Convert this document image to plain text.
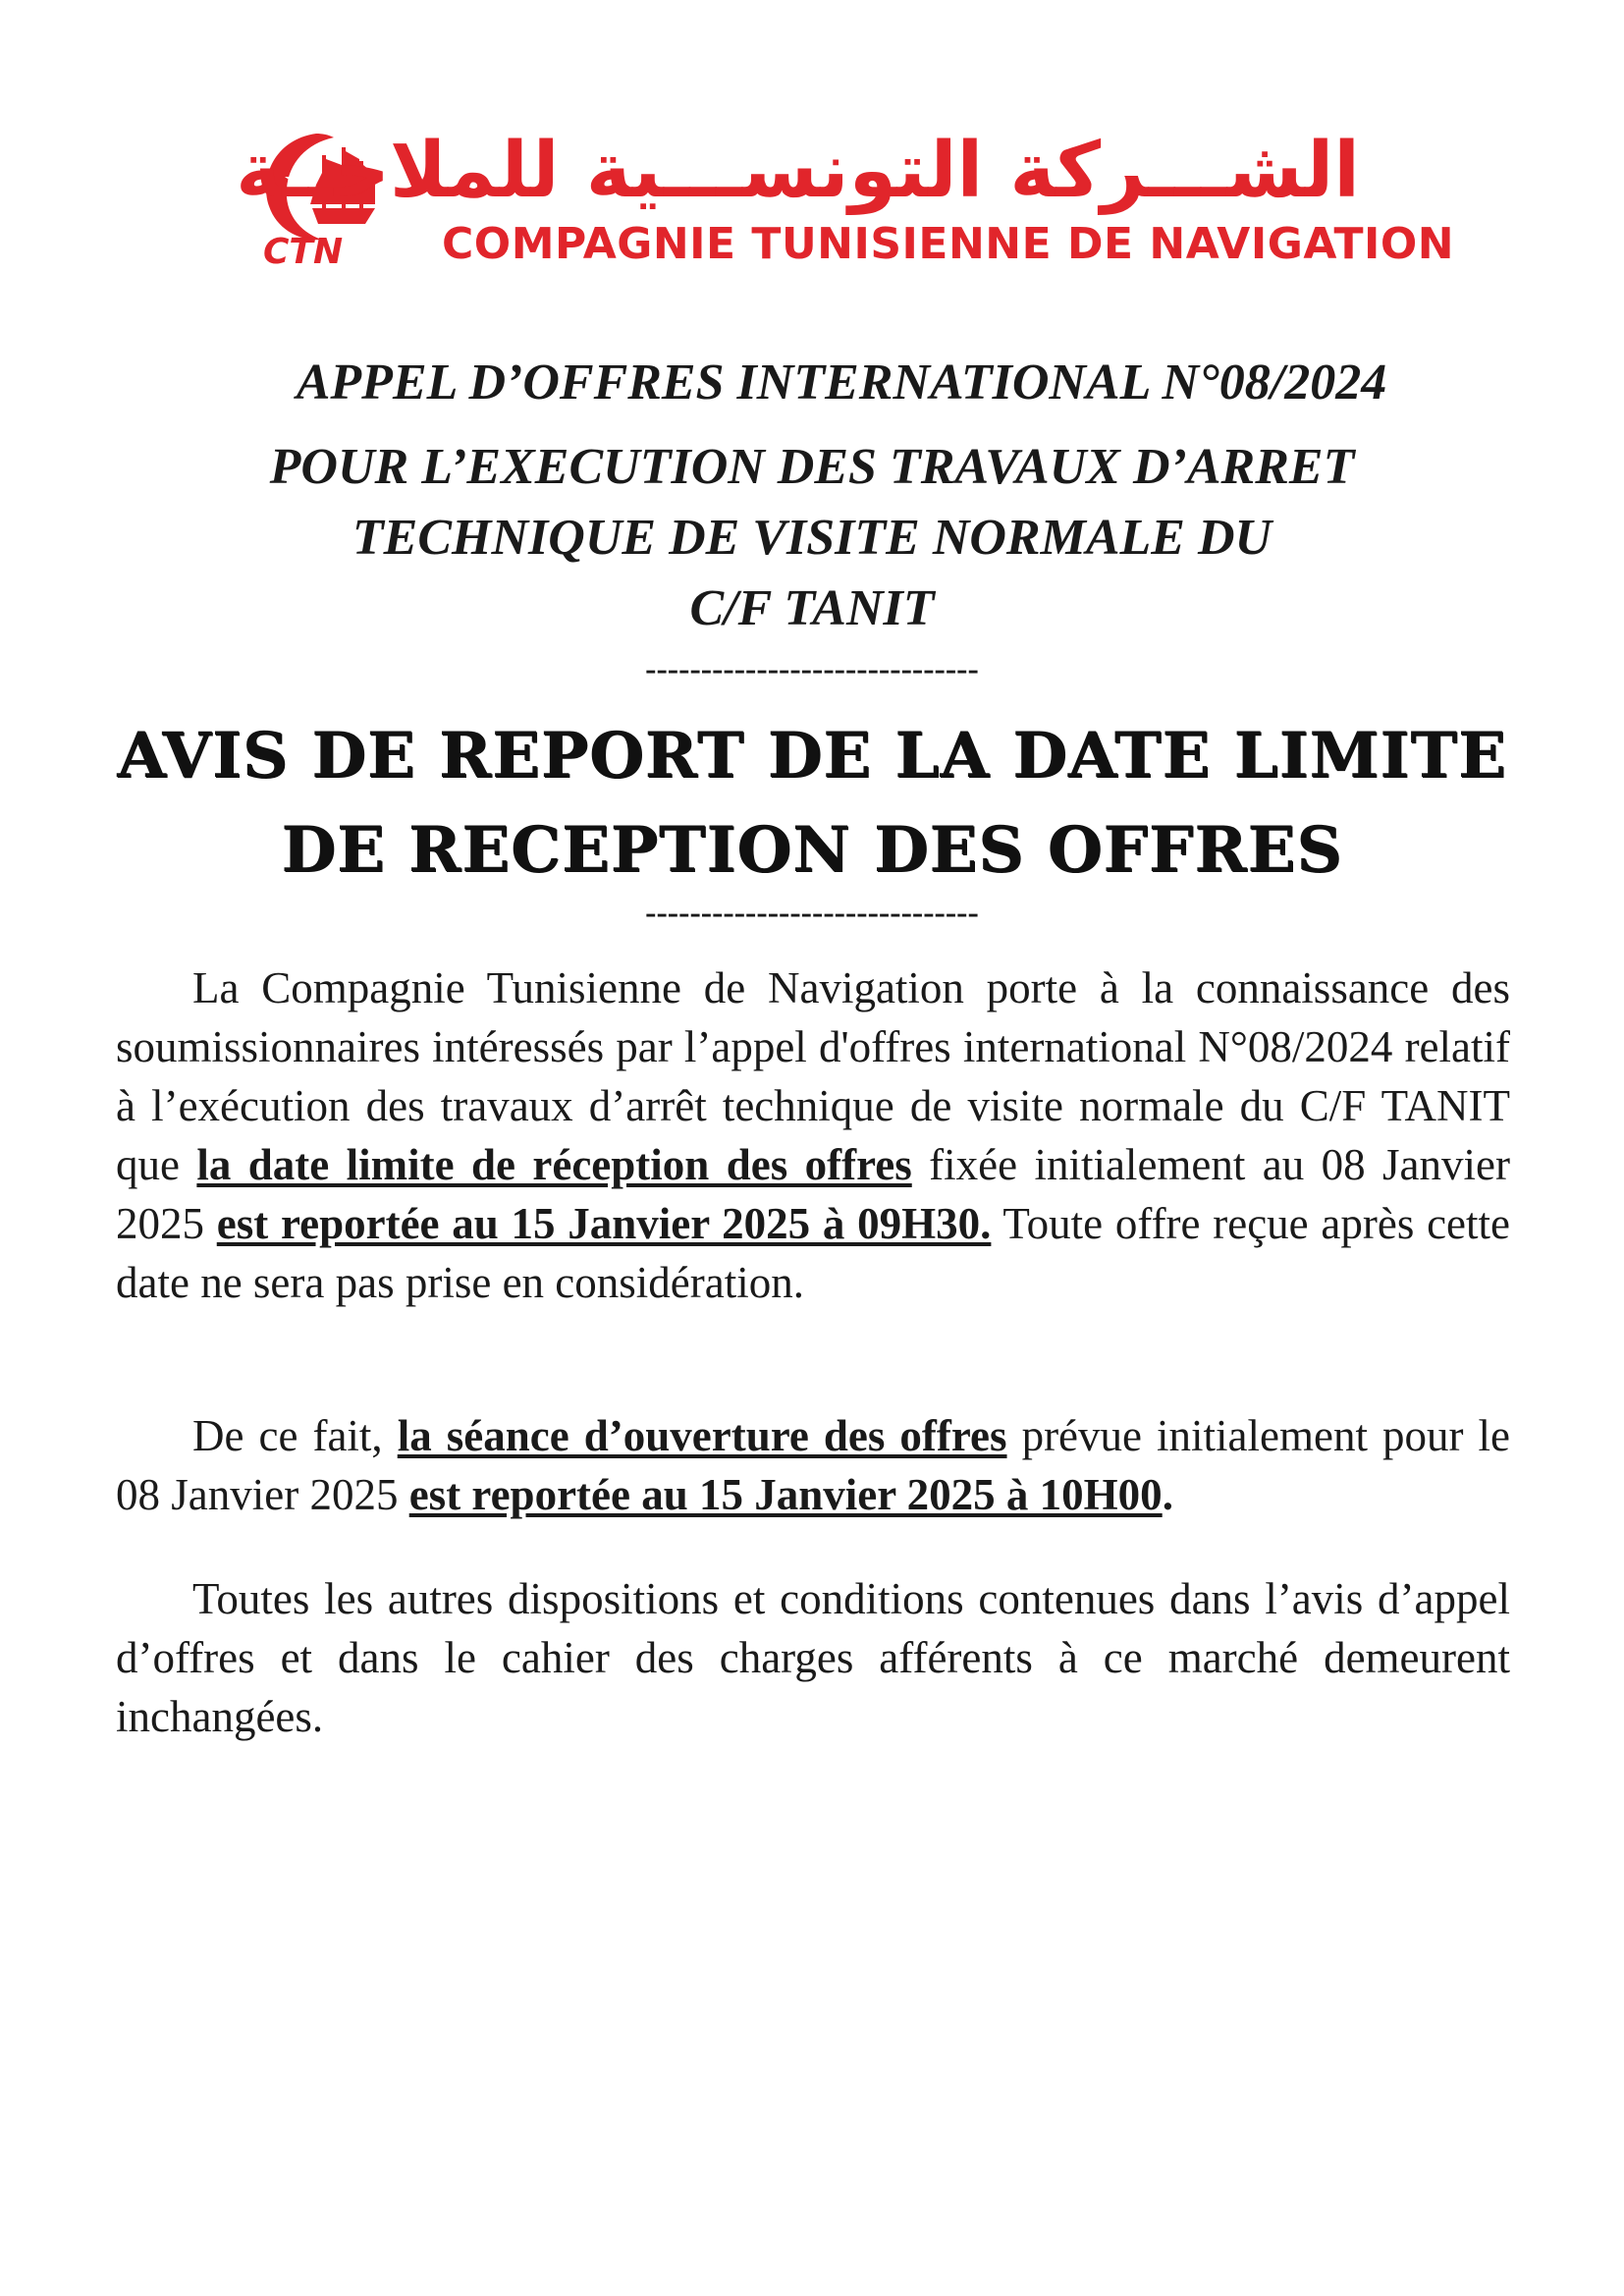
CTN
الشـــركة التونســـية للملاحــة
COMPAGNIE TUNISIENNE DE NAVIGATION
APPEL D’OFFRES INTERNATIONAL N°08/2024
POUR L’EXECUTION DES TRAVAUX D’ARRET
TECHNIQUE DE VISITE NORMALE DU
C/F TANIT
------------------------------
AVIS DE REPORT DE LA DATE LIMITE
DE RECEPTION DES OFFRES
------------------------------
La Compagnie Tunisienne de Navigation porte à la connaissance des soumissionnaires intéressés par l’appel d'offres international N°08/2024 relatif à l’exécution des travaux d’arrêt technique de visite normale du C/F TANIT que la date limite de réception des offres fixée initialement au 08 Janvier 2025 est reportée au 15 Janvier 2025 à 09H30. Toute offre reçue après cette date ne sera pas prise en considération.
De ce fait, la séance d’ouverture des offres prévue initialement pour le 08 Janvier 2025 est reportée au 15 Janvier 2025 à 10H00.
Toutes les autres dispositions et conditions contenues dans l’avis d’appel d’offres et dans le cahier des charges afférents à ce marché demeurent inchangées.
